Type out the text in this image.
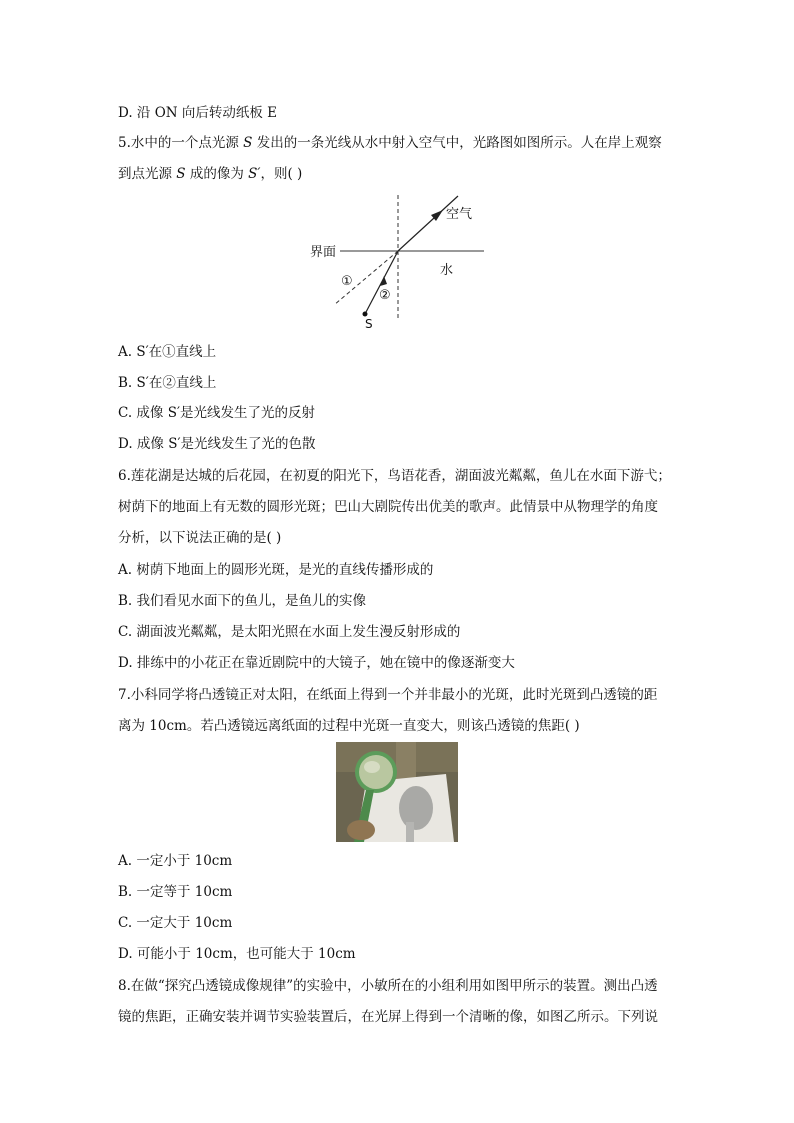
D. 沿 ON 向后转动纸板 E
5.水中的一个点光源 S 发出的一条光线从水中射入空气中，光路图如图所示。人在岸上观察
到点光源 S 成的像为 S′，则( )
空气
界面
水
①
②
S
A. S′在①直线上
B. S′在②直线上
C. 成像 S′是光线发生了光的反射
D. 成像 S′是光线发生了光的色散
6.莲花湖是达城的后花园，在初夏的阳光下，鸟语花香，湖面波光粼粼，鱼儿在水面下游弋；
树荫下的地面上有无数的圆形光斑；巴山大剧院传出优美的歌声。此情景中从物理学的角度
分析，以下说法正确的是( )
A. 树荫下地面上的圆形光斑，是光的直线传播形成的
B. 我们看见水面下的鱼儿，是鱼儿的实像
C. 湖面波光粼粼，是太阳光照在水面上发生漫反射形成的
D. 排练中的小花正在靠近剧院中的大镜子，她在镜中的像逐渐变大
7.小科同学将凸透镜正对太阳，在纸面上得到一个并非最小的光斑，此时光斑到凸透镜的距
离为 10cm。若凸透镜远离纸面的过程中光斑一直变大，则该凸透镜的焦距( )
A. 一定小于 10cm
B. 一定等于 10cm
C. 一定大于 10cm
D. 可能小于 10cm，也可能大于 10cm
8.在做“探究凸透镜成像规律”的实验中，小敏所在的小组利用如图甲所示的装置。测出凸透
镜的焦距，正确安装并调节实验装置后，在光屏上得到一个清晰的像，如图乙所示。下列说
